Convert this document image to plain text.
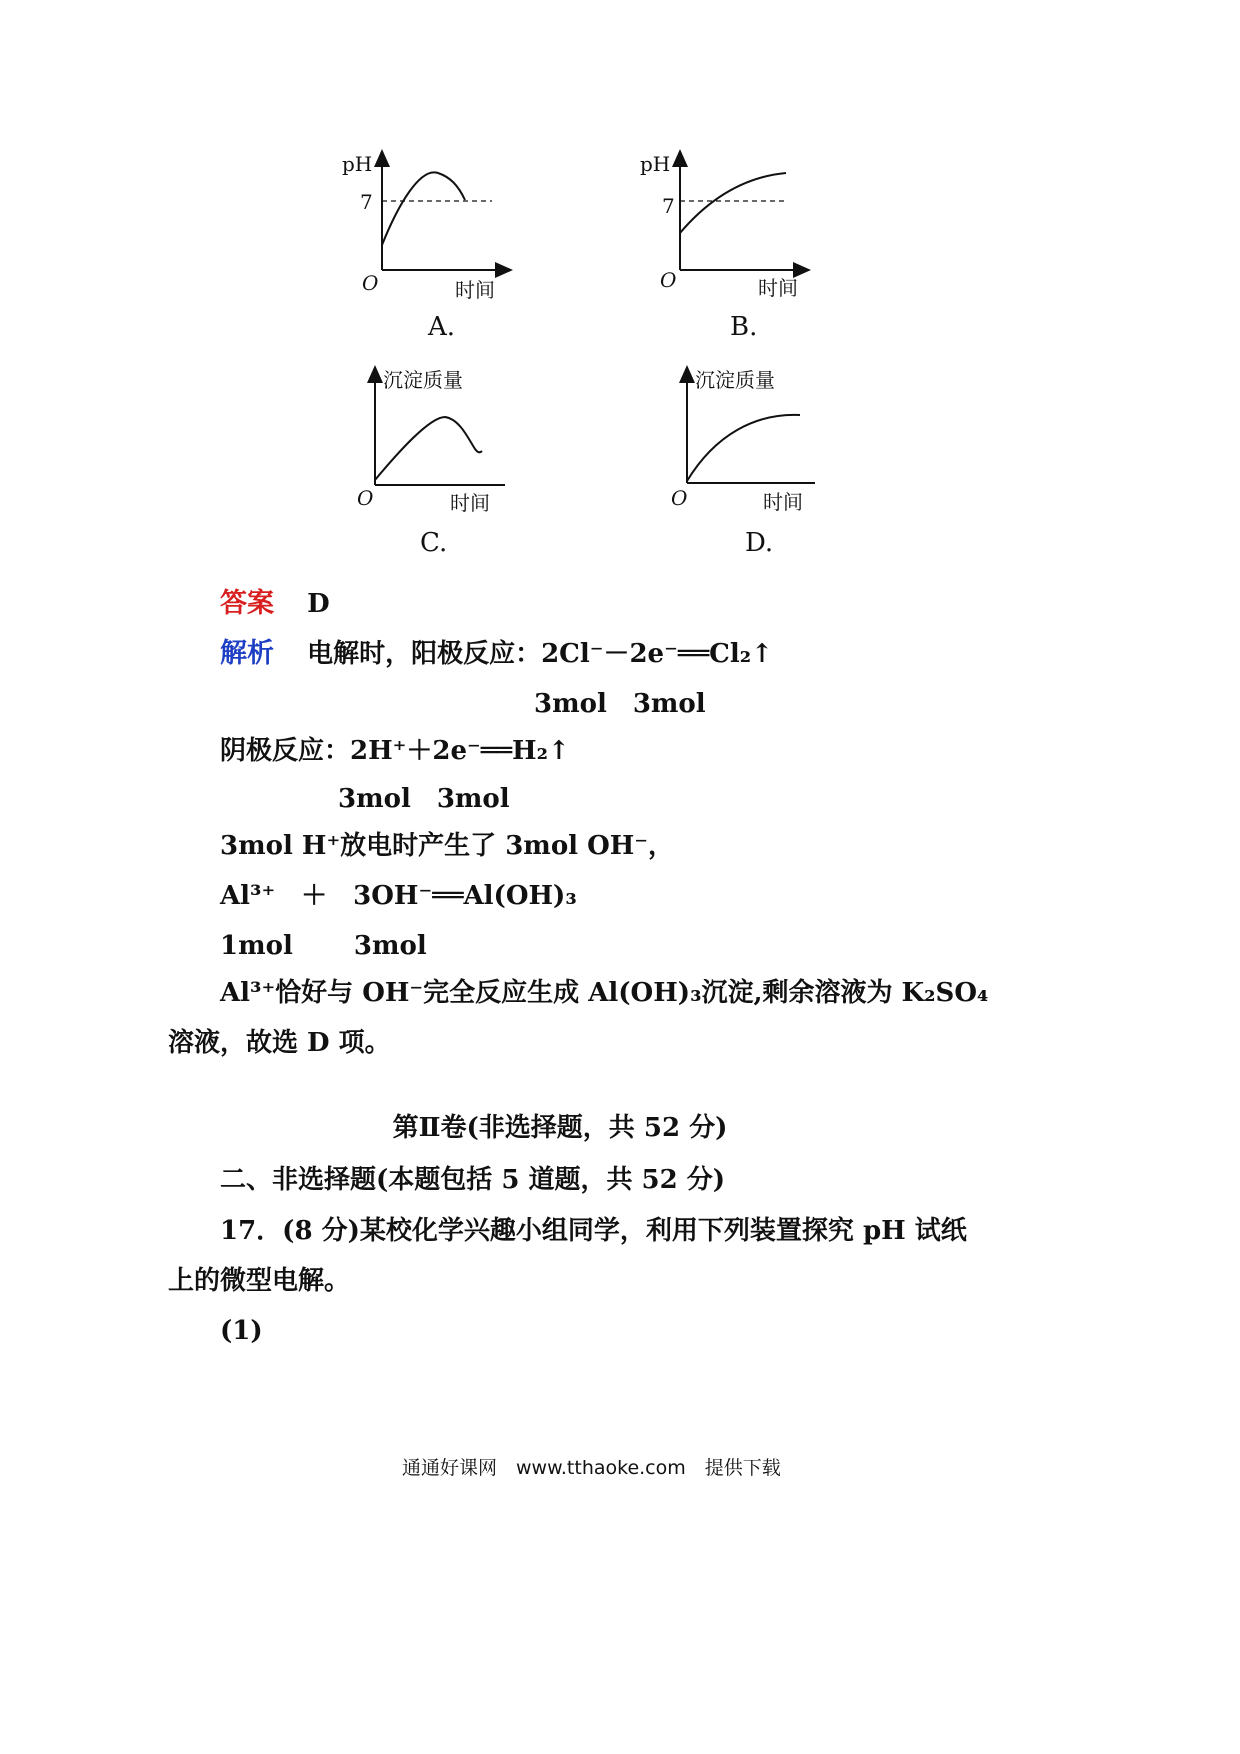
pH
7
O	时间
A.
pH
7
O	时间
B.
沉淀质量
O	时间
C.
沉淀质量
O	时间
D.
答案 D
解析 电解时，阳极反应：2Cl⁻－2e⁻══Cl₂↑
3mol　3mol
阴极反应：2H⁺＋2e⁻══H₂↑
3mol　3mol
3mol H⁺放电时产生了 3mol OH⁻，
Al³⁺　＋　3OH⁻══Al(OH)₃
1mol　　 3mol
Al³⁺恰好与 OH⁻完全反应生成 Al(OH)₃沉淀,剩余溶液为 K₂SO₄
溶液，故选 D 项。
第Ⅱ卷(非选择题，共 52 分)
二、非选择题(本题包括 5 道题，共 52 分)
17．(8 分)某校化学兴趣小组同学，利用下列装置探究 pH 试纸
上的微型电解。
(1)
通通好课网　www.tthaoke.com　提供下载
